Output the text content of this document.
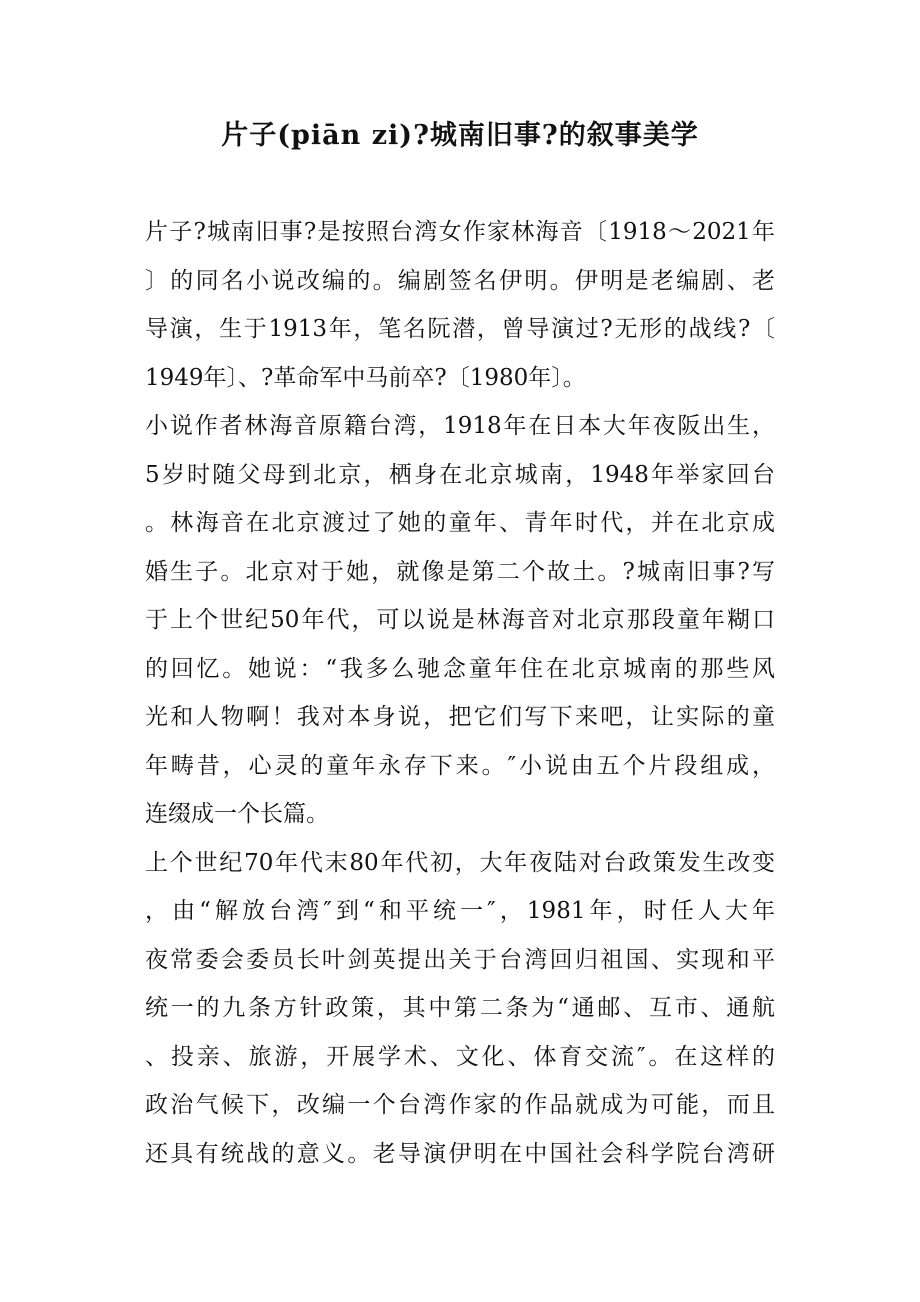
片子(piān zi)?城南旧事?的叙事美学
片子?城南旧事?是按照台湾女作家林海音〔1918～2021年
〕的同名小说改编的。编剧签名伊明。伊明是老编剧、老
导演，生于1913年，笔名阮潜，曾导演过?无形的战线?〔
1949年〕、?革命军中马前卒?〔1980年〕。
小说作者林海音原籍台湾，1918年在日本大年夜阪出生，
5岁时随父母到北京，栖身在北京城南，1948年举家回台
。林海音在北京渡过了她的童年、青年时代，并在北京成
婚生子。北京对于她，就像是第二个故土。?城南旧事?写
于上个世纪50年代，可以说是林海音对北京那段童年糊口
的回忆。她说：“我多么驰念童年住在北京城南的那些风
光和人物啊！我对本身说，把它们写下来吧，让实际的童
年畴昔，心灵的童年永存下来。″小说由五个片段组成，
连缀成一个长篇。
上个世纪70年代末80年代初，大年夜陆对台政策发生改变
，由“解放台湾″到“和平统一″，1981年，时任人大年
夜常委会委员长叶剑英提出关于台湾回归祖国、实现和平
统一的九条方针政策，其中第二条为“通邮、互市、通航
、投亲、旅游，开展学术、文化、体育交流″。在这样的
政治气候下，改编一个台湾作家的作品就成为可能，而且
还具有统战的意义。老导演伊明在中国社会科学院台湾研
